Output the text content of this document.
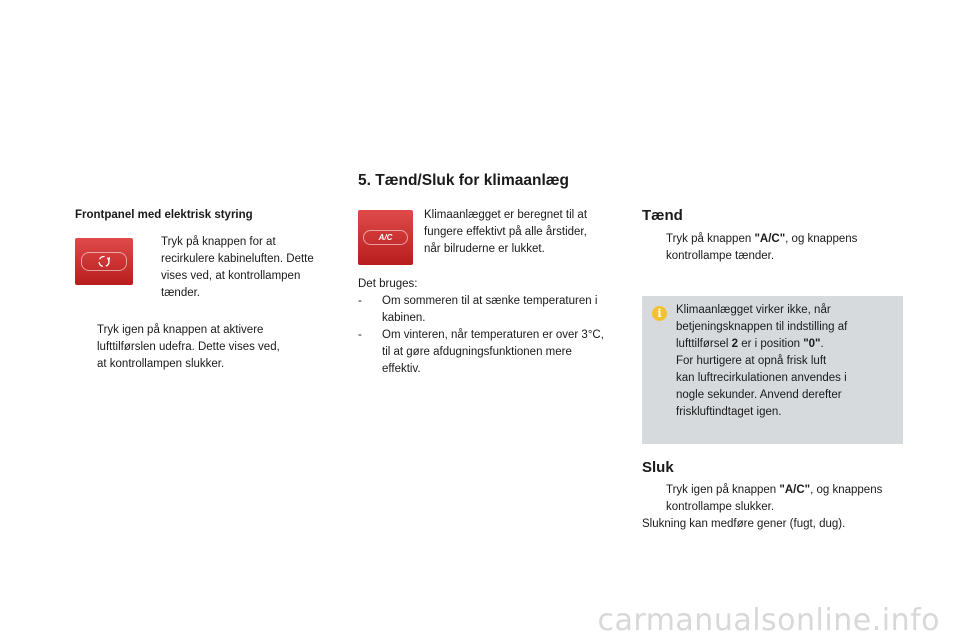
5. Tænd/Sluk for klimaanlæg
Frontpanel med elektrisk styring
Tryk på knappen for at
recirkulere kabineluften. Dette
vises ved, at kontrollampen
tænder.
Tryk igen på knappen at aktivere
lufttilførslen udefra. Dette vises ved,
at kontrollampen slukker.
A/C
Klimaanlægget er beregnet til at
fungere effektivt på alle årstider,
når bilruderne er lukket.
Det bruges:
- Om sommeren til at sænke temperaturen i
kabinen.
- Om vinteren, når temperaturen er over 3°C,
til at gøre afdugningsfunktionen mere
effektiv.
Tænd
Tryk på knappen "A/C", og knappens
kontrollampe tænder.
i	Klimaanlægget virker ikke, når
betjeningsknappen til indstilling af
lufttilførsel 2 er i position "0".
For hurtigere at opnå frisk luft
kan luftrecirkulationen anvendes i
nogle sekunder. Anvend derefter
friskluftindtaget igen.
Sluk
Tryk igen på knappen "A/C", og knappens
kontrollampe slukker.
Slukning kan medføre gener (fugt, dug).
carmanualsonline.info
